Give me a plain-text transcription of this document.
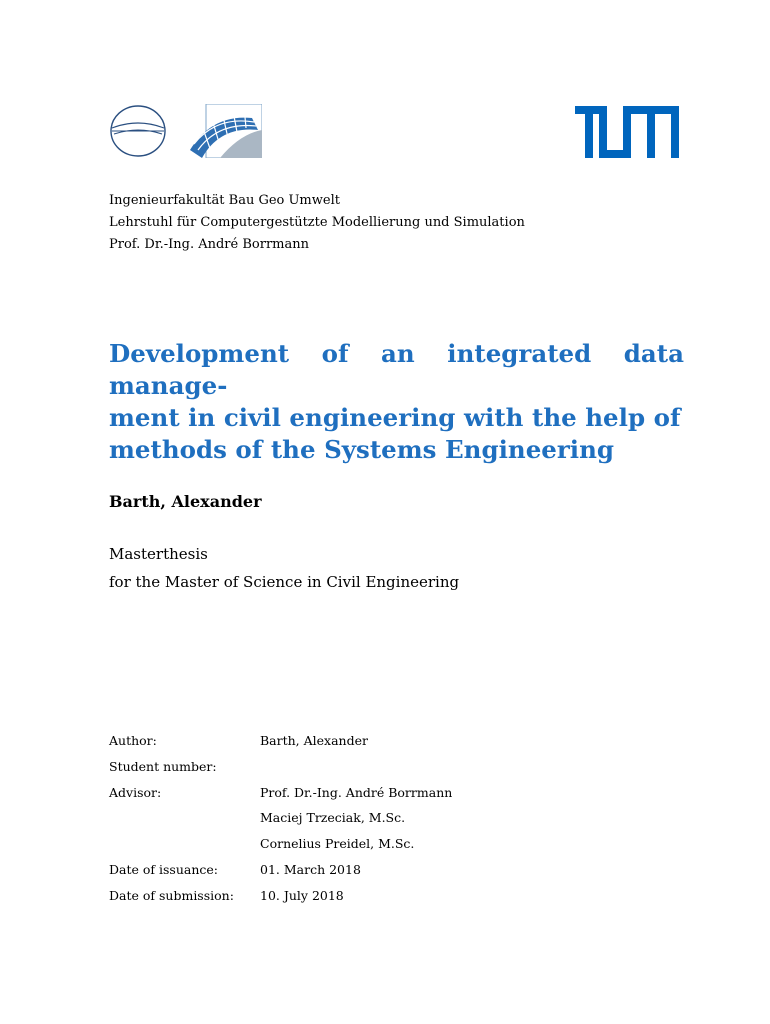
Ingenieurfakultät Bau Geo Umwelt
Lehrstuhl für Computergestützte Modellierung und Simulation
Prof. Dr.-Ing. André Borrmann
Development of an integrated data manage-
ment in civil engineering with the help of
methods of the Systems Engineering
Barth, Alexander
Masterthesis
for the Master of Science in Civil Engineering
Author:	Barth, Alexander
Student number:
Advisor:	Prof. Dr.-Ing. André Borrmann
Maciej Trzeciak, M.Sc.
Cornelius Preidel, M.Sc.
Date of issuance:	01. March 2018
Date of submission: 10. July 2018
